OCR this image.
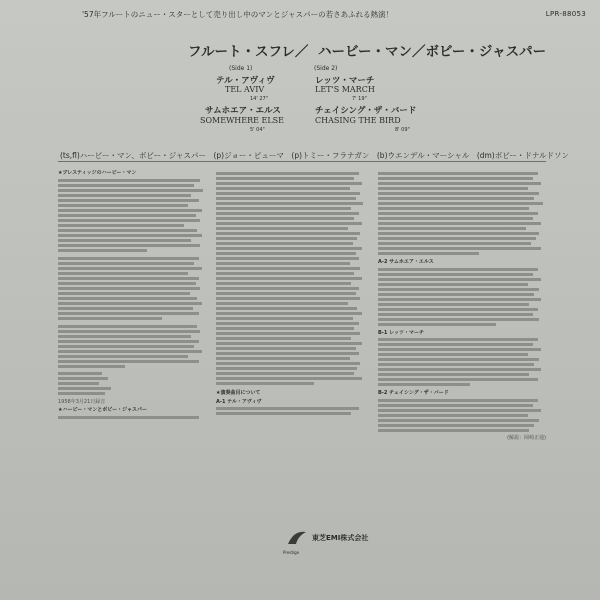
'57年フルートのニュー・スターとして売り出し中のマンとジャスパーの若さあふれる熱演！	LPR-88053
フルート・スフレ／ ハービー・マン／ボビー・ジャスパー
(Side 1)
テル・アヴィヴ
TEL AVIV
14' 27"
サムホエア・エルス
SOMEWHERE ELSE
5' 04"
(Side 2)
レッツ・マーチ
LET'S MARCH
7' 19"
チェイシング・ザ・バード
CHASING THE BIRD
8' 09"
(ts,fl)ハービー・マン、ボビー・ジャスパー　(p)ジョー・ピューマ　(p)トミー・フラナガン　(b)ウエンデル・マーシャル　(dm)ボビー・ドナルドソン

★プレスティッジのハービー・マン

1958年3月21日録音

★ハービー・マンとボビー・ジャスパー

★演奏曲目について

A-1 テル・アヴィヴ

A-2 サムホエア・エルス

B-1 レッツ・マーチ

B-2 チェイシング・ザ・バード

(解説：岡崎正通)

Prestige
東芝EMI株式会社
